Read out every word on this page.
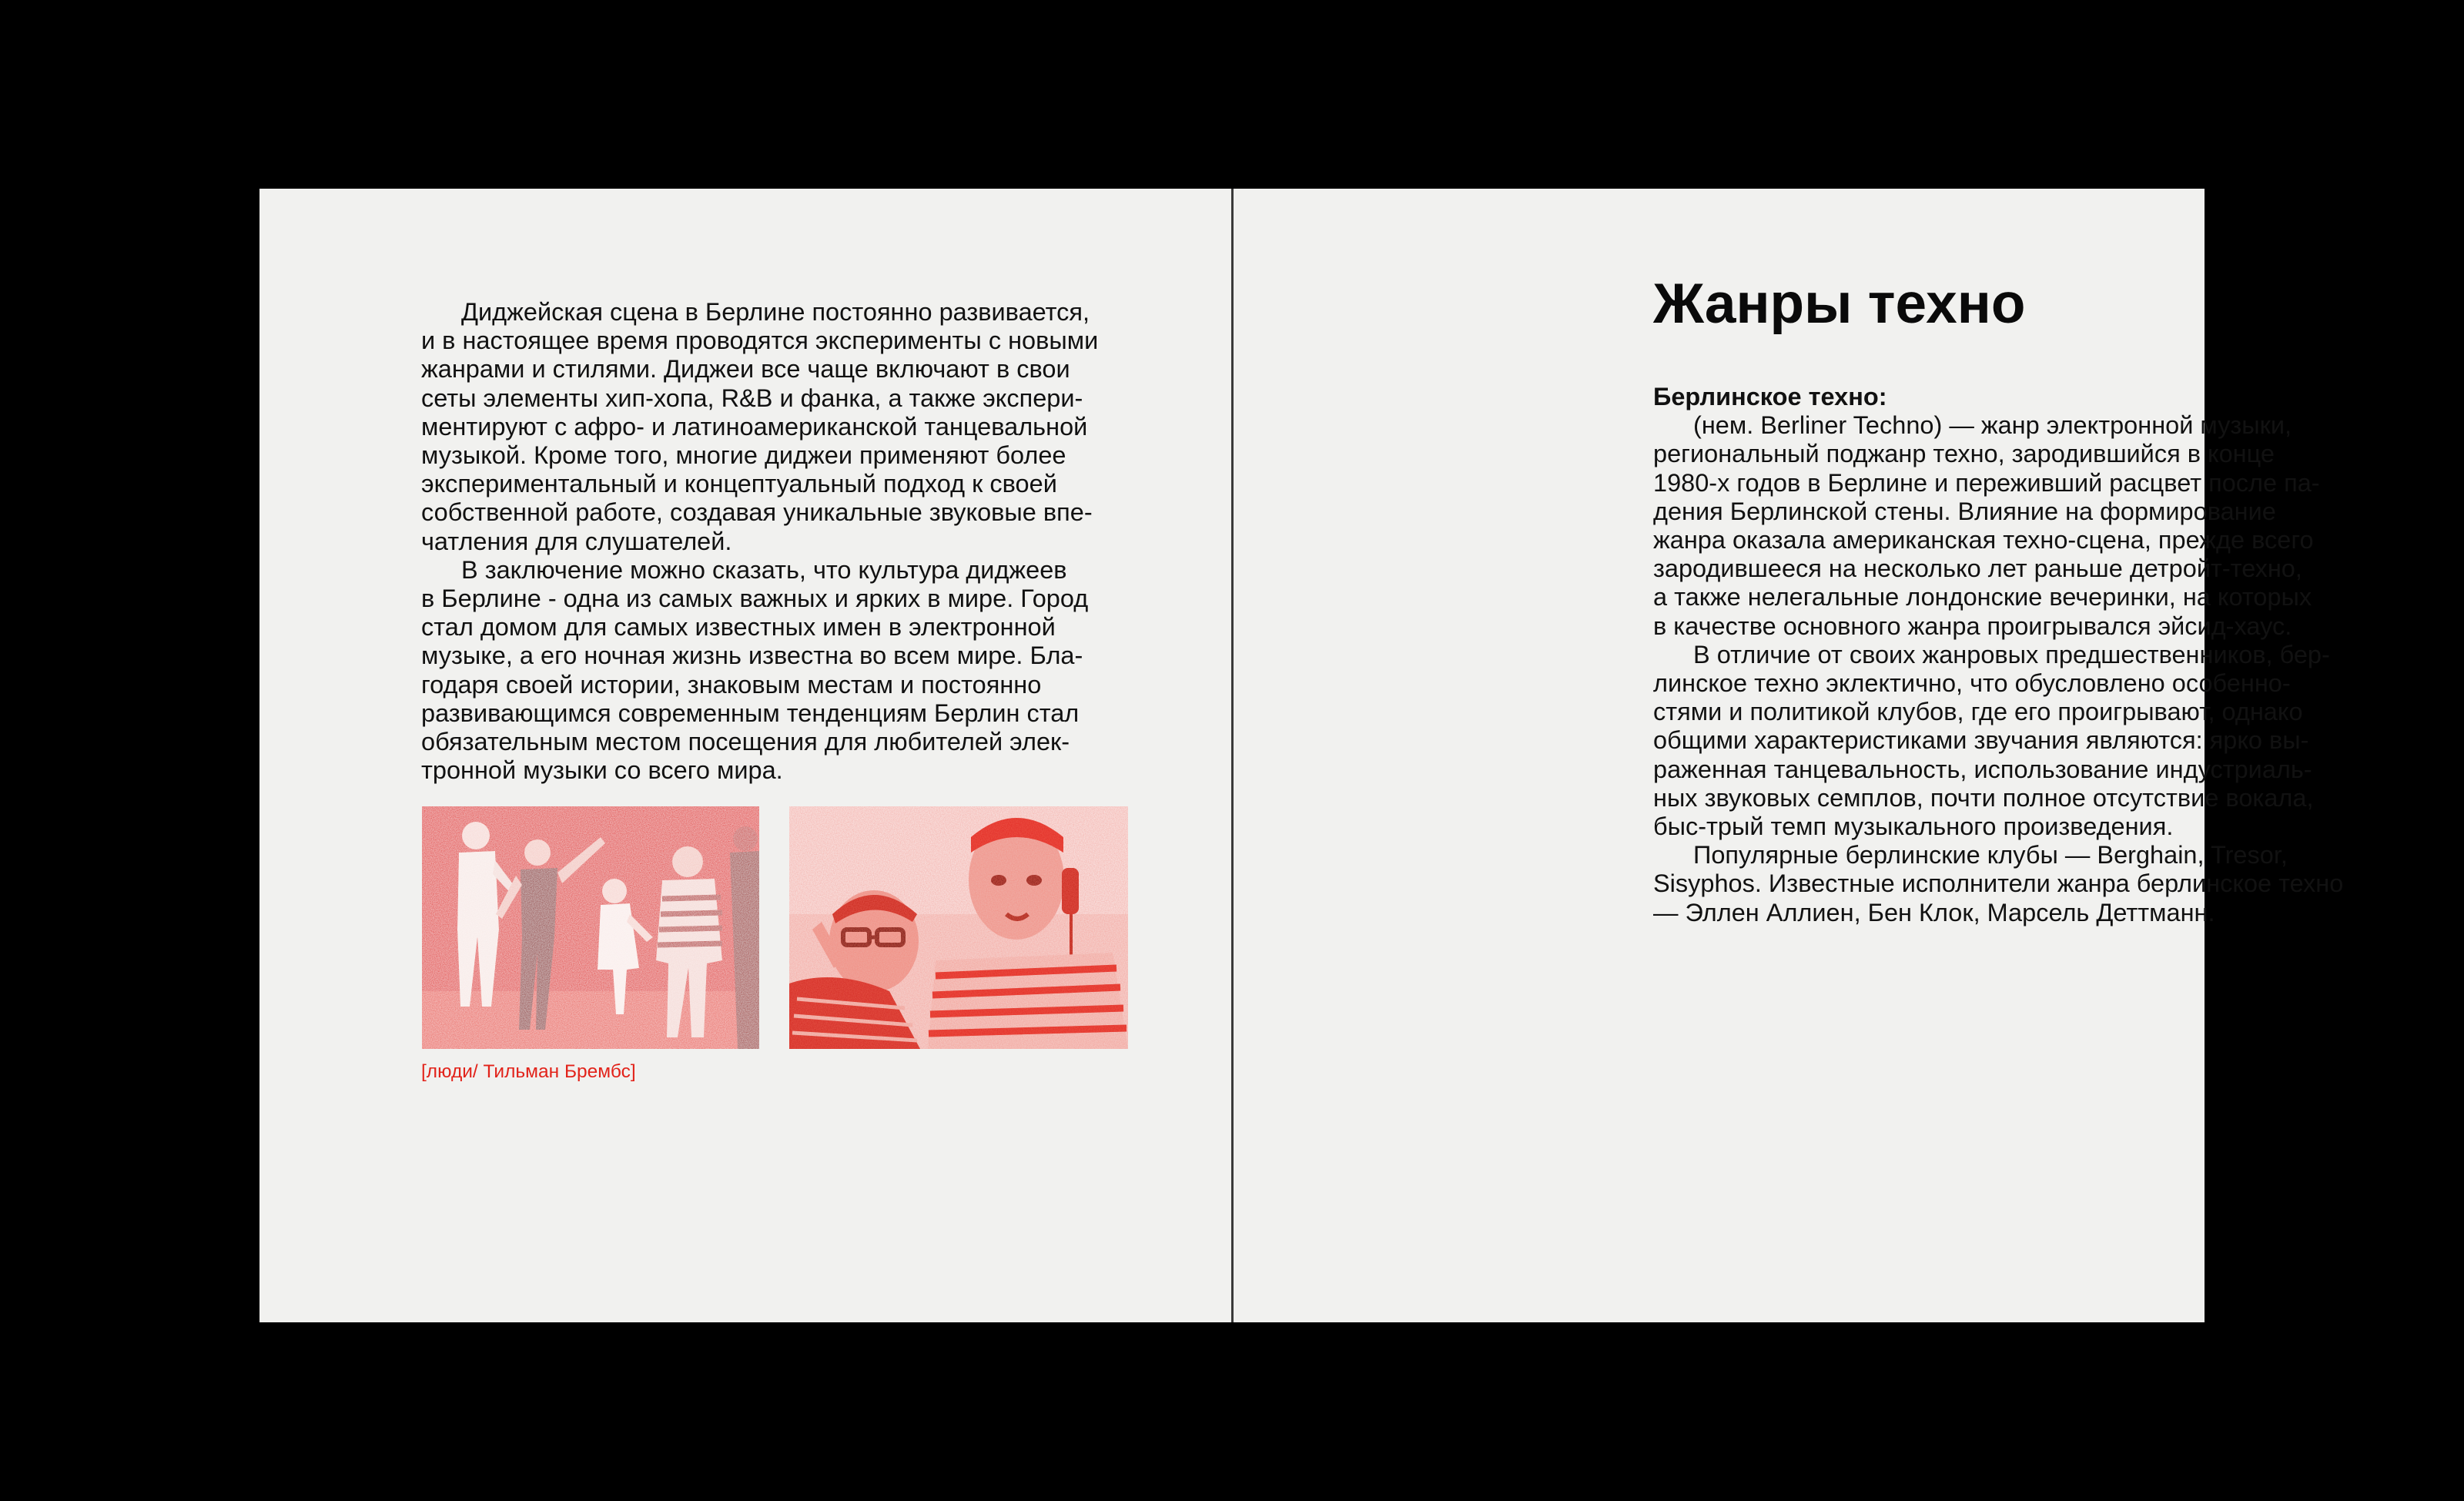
Диджейская сцена в Берлине постоянно развивается,
и в настоящее время проводятся эксперименты с новыми
жанрами и стилями. Диджеи все чаще включают в свои
сеты элементы хип-хопа, R&B и фанка, а также экспери-
ментируют с афро- и латиноамериканской танцевальной
музыкой. Кроме того, многие диджеи применяют более
экспериментальный и концептуальный подход к своей
собственной работе, создавая уникальные звуковые впе-
чатления для слушателей.
В заключение можно сказать, что культура диджеев
в Берлине - одна из самых важных и ярких в мире. Город
стал домом для самых известных имен в электронной
музыке, а его ночная жизнь известна во всем мире. Бла-
годаря своей истории, знаковым местам и постоянно
развивающимся современным тенденциям Берлин стал
обязательным местом посещения для любителей элек-
тронной музыки со всего мира.

[люди/ Тильман Брембс]

Жанры техно
Берлинское техно:
(нем. Berliner Techno) — жанр электронной музыки,
региональный поджанр техно, зародившийся в конце
1980-х годов в Берлине и переживший расцвет после па-
дения Берлинской стены. Влияние на формирование
жанра оказала американская техно-сцена, прежде всего
зародившееся на несколько лет раньше детройт-техно,
а также нелегальные лондонские вечеринки, на которых
в качестве основного жанра проигрывался эйсид-хаус.
В отличие от своих жанровых предшественников, бер-
линское техно эклектично, что обусловлено особеннo-
стями и политикой клубов, где его проигрывают, однако
общими характеристиками звучания являются: ярко вы-
раженная танцевальность, использование индустриаль-
ных звуковых семплов, почти полное отсутствие вокала,
быс-трый темп музыкального произведения.
Популярные берлинские клубы — Berghain, Tresor,
Sisyphos. Известные исполнители жанра берлинское техно
— Эллен Аллиен, Бен Клок, Марсель Деттманн.
